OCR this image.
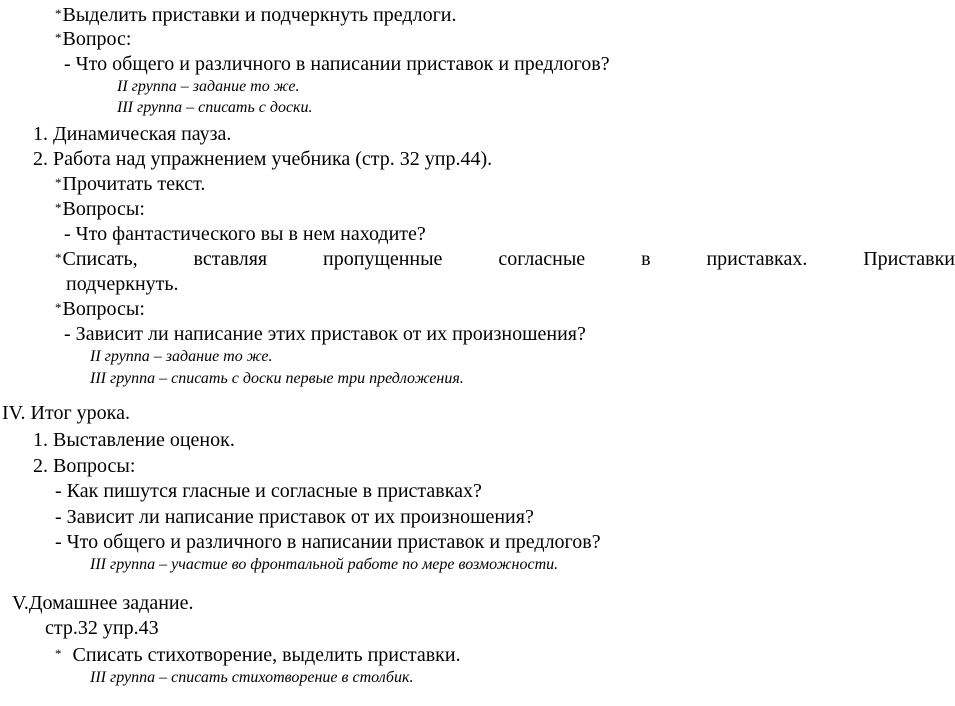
*Выделить приставки и подчеркнуть предлоги.
*Вопрос:
- Что общего и различного в написании приставок и предлогов?
II группа – задание то же.
III группа – списать с доски.
1. Динамическая пауза.
2. Работа над упражнением учебника (стр. 32 упр.44).
*Прочитать текст.
*Вопросы:
- Что фантастического вы в нем находите?
*Списать,	вставляя	пропущенные	согласные	в	приставках.	Приставки
подчеркнуть.
*Вопросы:
- Зависит ли написание этих приставок от их произношения?
II группа – задание то же.
III группа – списать с доски первые три предложения.
IV. Итог урока.
1. Выставление оценок.
2. Вопросы:
- Как пишутся гласные и согласные в приставках?
- Зависит ли написание приставок от их произношения?
- Что общего и различного в написании приставок и предлогов?
III группа – участие во фронтальной работе по мере возможности.
V.Домашнее задание.
стр.32 упр.43
* Списать стихотворение, выделить приставки.
III группа – списать стихотворение в столбик.
